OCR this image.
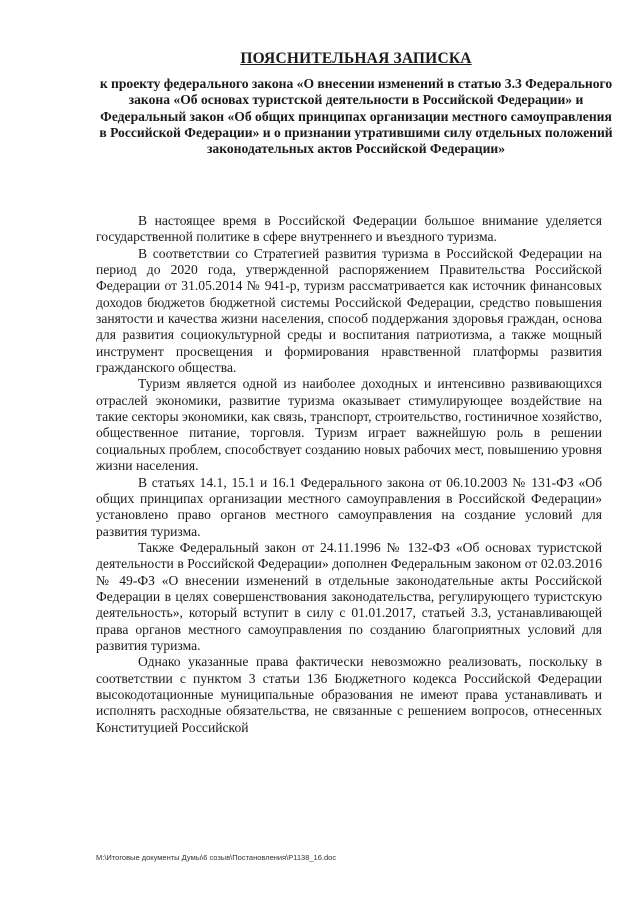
ПОЯСНИТЕЛЬНАЯ ЗАПИСКА
к проекту федерального закона «О внесении изменений в статью 3.3 Федерального закона «Об основах туристской деятельности в Российской Федерации» и Федеральный закон «Об общих принципах организации местного самоуправления в Российской Федерации» и о признании утратившими силу отдельных положений законодательных актов Российской Федерации»

В настоящее время в Российской Федерации большое внимание уделяется государственной политике в сфере внутреннего и въездного туризма.

В соответствии со Стратегией развития туризма в Российской Федерации на период до 2020 года, утвержденной распоряжением Правительства Российской Федерации от 31.05.2014 № 941-р, туризм рассматривается как источник финансовых доходов бюджетов бюджетной системы Российской Федерации, средство повышения занятости и качества жизни населения, способ поддержания здоровья граждан, основа для развития социокультурной среды и воспитания патриотизма, а также мощный инструмент просвещения и формирования нравственной платформы развития гражданского общества.

Туризм является одной из наиболее доходных и интенсивно развивающихся отраслей экономики, развитие туризма оказывает стимулирующее воздействие на такие секторы экономики, как связь, транспорт, строительство, гостиничное хозяйство, общественное питание, торговля. Туризм играет важнейшую роль в решении социальных проблем, способствует созданию новых рабочих мест, повышению уровня жизни населения.

В статьях 14.1, 15.1 и 16.1 Федерального закона от 06.10.2003 № 131-ФЗ «Об общих принципах организации местного самоуправления в Российской Федерации» установлено право органов местного самоуправления на создание условий для развития туризма.

Также Федеральный закон от 24.11.1996 № 132-ФЗ «Об основах туристской деятельности в Российской Федерации» дополнен Федеральным законом от 02.03.2016 № 49-ФЗ «О внесении изменений в отдельные законодательные акты Российской Федерации в целях совершенствования законодательства, регулирующего туристскую деятельность», который вступит в силу с 01.01.2017, статьей 3.3, устанавливающей права органов местного самоуправления по созданию благоприятных условий для развития туризма.

Однако указанные права фактически невозможно реализовать, поскольку в соответствии с пунктом 3 статьи 136 Бюджетного кодекса Российской Федерации высокодотационные муниципальные образования не имеют права устанавливать и исполнять расходные обязательства, не связанные с решением вопросов, отнесенных Конституцией Российской

M:\Итоговые документы Думы\6 созыв\Постановления\P1138_16.doc
